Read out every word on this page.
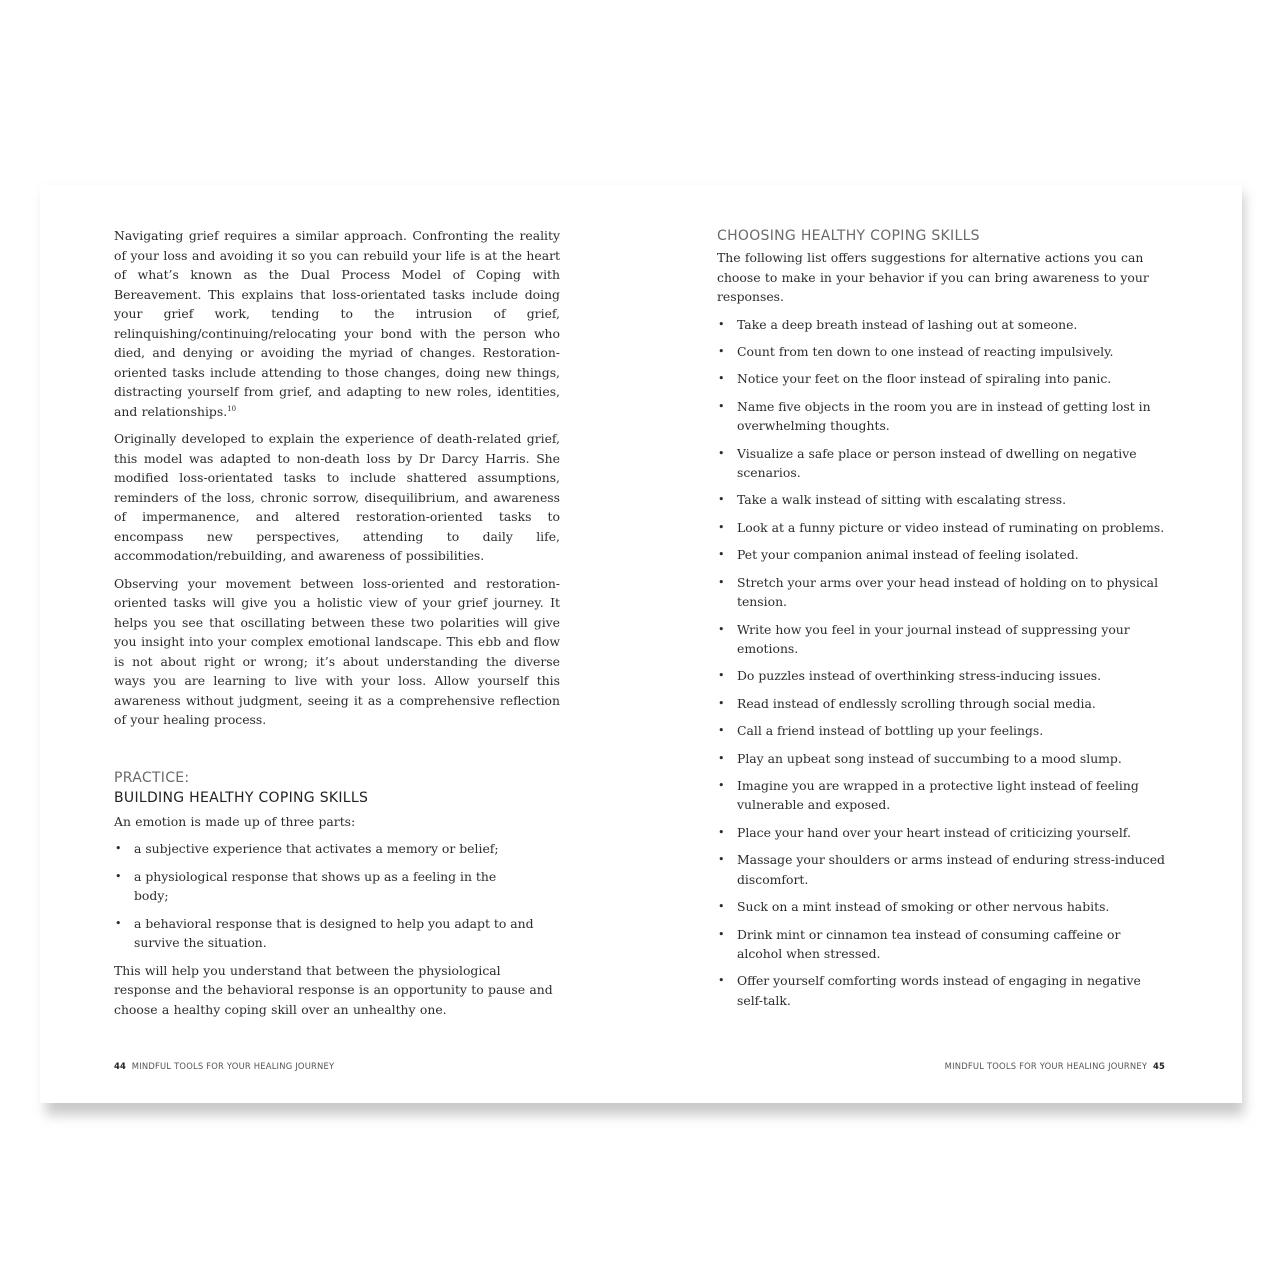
Navigating grief requires a similar approach. Confronting the reality of your loss and avoiding it so you can rebuild your life is at the heart of what’s known as the Dual Process Model of Coping with Bereavement. This explains that loss-orientated tasks include doing your grief work, tending to the intrusion of grief, relinquishing/continuing/relocating your bond with the person who died, and denying or avoiding the myriad of changes. Restoration-oriented tasks include attending to those changes, doing new things, distracting yourself from grief, and adapting to new roles, identities, and relationships.$^{10}$

Originally developed to explain the experience of death-related grief, this model was adapted to non-death loss by Dr Darcy Harris. She modified loss-orientated tasks to include shattered assumptions, reminders of the loss, chronic sorrow, disequilibrium, and awareness of impermanence, and altered restoration-oriented tasks to encompass new perspectives, attending to daily life, accommodation/rebuilding, and awareness of possibilities.

Observing your movement between loss-oriented and restoration-oriented tasks will give you a holistic view of your grief journey. It helps you see that oscillating between these two polarities will give you insight into your complex emotional landscape. This ebb and flow is not about right or wrong; it’s about understanding the diverse ways you are learning to live with your loss. Allow yourself this awareness without judgment, seeing it as a comprehensive reflection of your healing process.

PRACTICE:
BUILDING HEALTHY COPING SKILLS

An emotion is made up of three parts:

• a subjective experience that activates a memory or belief;
• a physiological response that shows up as a feeling in the body;
• a behavioral response that is designed to help you adapt to and survive the situation.

This will help you understand that between the physiological response and the behavioral response is an opportunity to pause and choose a healthy coping skill over an unhealthy one.

CHOOSING HEALTHY COPING SKILLS

The following list offers suggestions for alternative actions you can choose to make in your behavior if you can bring awareness to your responses.

• Take a deep breath instead of lashing out at someone.
• Count from ten down to one instead of reacting impulsively.
• Notice your feet on the floor instead of spiraling into panic.
• Name five objects in the room you are in instead of getting lost in overwhelming thoughts.
• Visualize a safe place or person instead of dwelling on negative scenarios.
• Take a walk instead of sitting with escalating stress.
• Look at a funny picture or video instead of ruminating on problems.
• Pet your companion animal instead of feeling isolated.
• Stretch your arms over your head instead of holding on to physical tension.
• Write how you feel in your journal instead of suppressing your emotions.
• Do puzzles instead of overthinking stress-inducing issues.
• Read instead of endlessly scrolling through social media.
• Call a friend instead of bottling up your feelings.
• Play an upbeat song instead of succumbing to a mood slump.
• Imagine you are wrapped in a protective light instead of feeling vulnerable and exposed.
• Place your hand over your heart instead of criticizing yourself.
• Massage your shoulders or arms instead of enduring stress-induced discomfort.
• Suck on a mint instead of smoking or other nervous habits.
• Drink mint or cinnamon tea instead of consuming caffeine or alcohol when stressed.
• Offer yourself comforting words instead of engaging in negative self-talk.
44 MINDFUL TOOLS FOR YOUR HEALING JOURNEY	MINDFUL TOOLS FOR YOUR HEALING JOURNEY 45
